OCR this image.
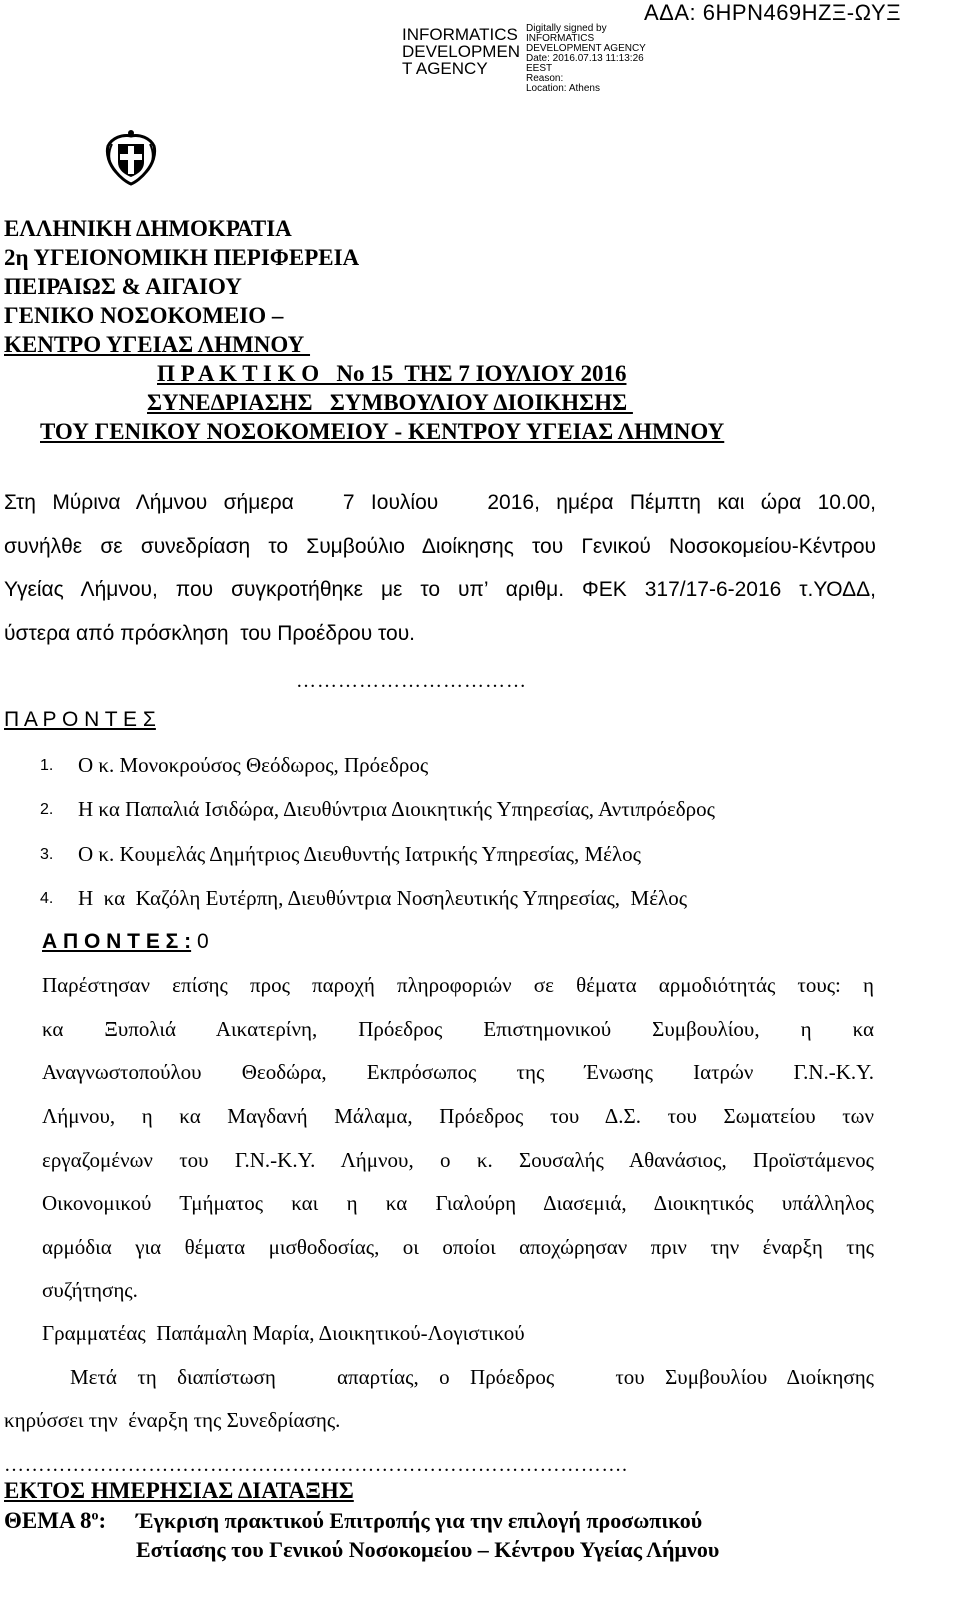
INFORMATICS
DEVELOPMEN
T AGENCY
Digitally signed by
INFORMATICS
DEVELOPMENT AGENCY
Date: 2016.07.13 11:13:26
EEST
Reason:
Location: Athens
ΑΔΑ: 6ΗΡΝ469ΗΖΞ-ΩΥΞ
ΕΛΛΗΝΙΚΗ ΔΗΜΟΚΡΑΤΙΑ
2η ΥΓΕΙΟΝΟΜΙΚΗ ΠΕΡΙΦΕΡΕΙΑ
ΠΕΙΡΑΙΩΣ & ΑΙΓΑΙΟΥ
ΓΕΝΙΚΟ ΝΟΣΟΚΟΜΕΙΟ –
ΚΕΝΤΡΟ ΥΓΕΙΑΣ ΛΗΜΝΟΥ
Π Ρ Α Κ Τ Ι Κ Ο   Νο 15  ΤΗΣ 7 ΙΟΥΛΙΟΥ 2016
ΣΥΝΕΔΡΙΑΣΗΣ   ΣΥΜΒΟΥΛΙΟΥ ΔΙΟΙΚΗΣΗΣ
ΤΟΥ ΓΕΝΙΚΟΥ ΝΟΣΟΚΟΜΕΙΟΥ - ΚΕΝΤΡΟΥ ΥΓΕΙΑΣ ΛΗΜΝΟΥ
Στη Μύρινα Λήμνου σήμερα   7 Ιουλίου   2016, ημέρα Πέμπτη και ώρα 10.00,
συνήλθε σε συνεδρίαση το Συμβούλιο Διοίκησης του Γενικού Νοσοκομείου-Κέντρου
Υγείας Λήμνου, που συγκροτήθηκε με το υπ’ αριθμ. ΦΕΚ 317/17-6-2016 τ.ΥΟΔΔ,
ύστερα από πρόσκληση  του Προέδρου του.
……………………………
Π Α Ρ Ο Ν Τ Ε Σ
1. Ο κ. Μονοκρούσος Θεόδωρος, Πρόεδρος
2. Η κα Παπαλιά Ισιδώρα, Διευθύντρια Διοικητικής Υπηρεσίας, Αντιπρόεδρος
3. Ο κ. Κουμελάς Δημήτριος Διευθυντής Ιατρικής Υπηρεσίας, Μέλος
4. Η  κα  Καζόλη Ευτέρπη, Διευθύντρια Νοσηλευτικής Υπηρεσίας,  Μέλος
Α Π Ο Ν Τ Ε Σ : 0
Παρέστησαν επίσης προς παροχή πληροφοριών σε θέματα αρμοδιότητάς τους: η
κα Ξυπολιά Αικατερίνη, Πρόεδρος Επιστημονικού Συμβουλίου, η κα
Αναγνωστοπούλου Θεοδώρα, Εκπρόσωπος της Ένωσης Ιατρών Γ.Ν.-Κ.Υ.
Λήμνου, η κα Μαγδανή Μάλαμα, Πρόεδρος του Δ.Σ. του Σωματείου των
εργαζομένων του Γ.Ν.-Κ.Υ. Λήμνου, ο κ. Σουσαλής Αθανάσιος, Προϊστάμενος
Οικονομικού Τμήματος και η κα Γιαλούρη Διασεμιά, Διοικητικός υπάλληλος
αρμόδια για θέματα μισθοδοσίας, οι οποίοι αποχώρησαν πριν την έναρξη της
συζήτησης.
Γραμματέας  Παπάμαλη Μαρία, Διοικητικού-Λογιστικού
Μετά τη διαπίστωση   απαρτίας, ο Πρόεδρος   του Συμβουλίου Διοίκησης
κηρύσσει την  έναρξη της Συνεδρίασης.
……………………………………………………………………………….
ΕΚΤΟΣ ΗΜΕΡΗΣΙΑΣ ΔΙΑΤΑΞΗΣ
ΘΕΜΑ $8^o$: Έγκριση πρακτικού Επιτροπής για την επιλογή προσωπικού
Εστίασης του Γενικού Νοσοκομείου – Κέντρου Υγείας Λήμνου
